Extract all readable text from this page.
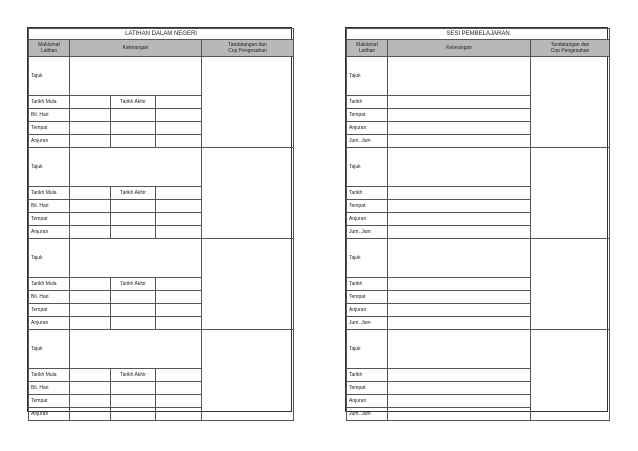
LATIHAN DALAM NEGERI				
Maklumat
Latihan	Keterangan			Tandatangan dan
Cop Pengesahan
Tajuk				
Tarikh Mula		Tarikh Akhir		
Bil. Hari				
Tempat				
Anjuran				
Tajuk				
Tarikh Mula		Tarikh Akhir		
Bil. Hari				
Tempat				
Anjuran				
Tajuk				
Tarikh Mula		Tarikh Akhir		
Bil. Hari				
Tempat				
Anjuran				
Tajuk				
Tarikh Mula		Tarikh Akhir		
Bil. Hari				
Tempat				
Anjuran				
SESI PEMBELAJARAN		
Maklumat
Latihan	Keterangan	Tandatangan dan
Cop Pengesahan
Tajuk		
Tarikh		
Tempat		
Anjuran		
Jum. Jam		
Tajuk		
Tarikh		
Tempat		
Anjuran		
Jum. Jam		
Tajuk		
Tarikh		
Tempat		
Anjuran		
Jum. Jam		
Tajuk		
Tarikh		
Tempat		
Anjuran		
Jum. Jam		
